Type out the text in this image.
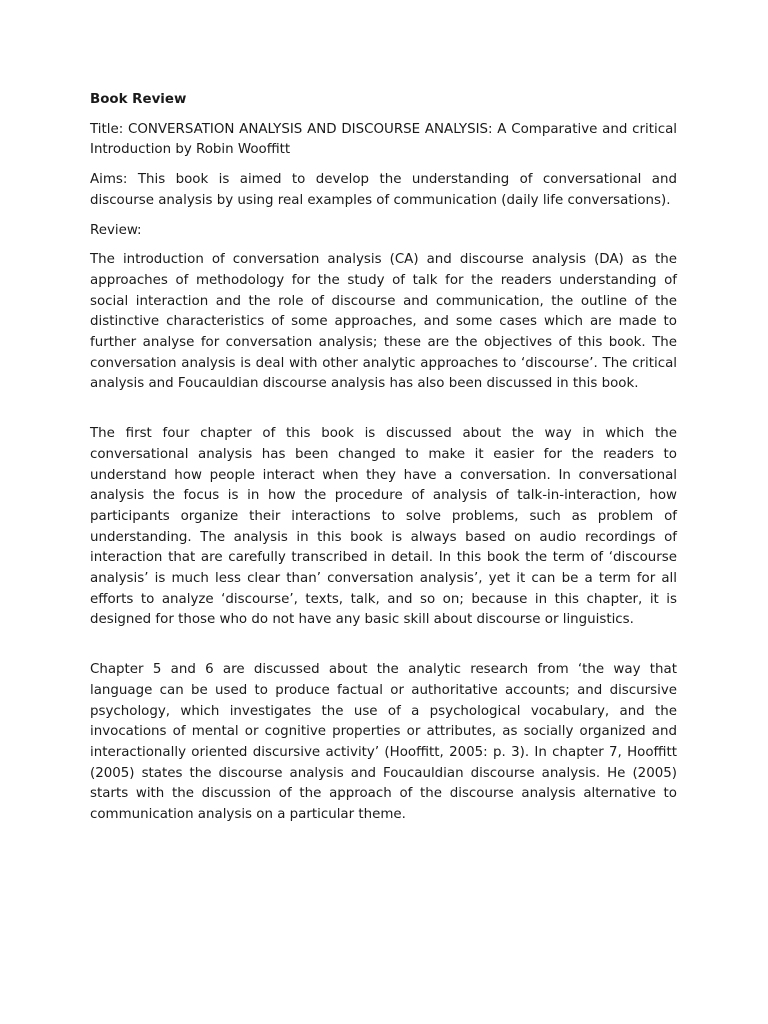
Book Review
Title: CONVERSATION ANALYSIS AND DISCOURSE ANALYSIS: A Comparative and critical Introduction by Robin Wooffitt
Aims: This book is aimed to develop the understanding of conversational and discourse analysis by using real examples of communication (daily life conversations).
Review:
The introduction of conversation analysis (CA) and discourse analysis (DA) as the approaches of methodology for the study of talk for the readers understanding of social interaction and the role of discourse and communication, the outline of the distinctive characteristics of some approaches, and some cases which are made to further analyse for conversation analysis; these are the objectives of this book. The conversation analysis is deal with other analytic approaches to ‘discourse’. The critical analysis and Foucauldian discourse analysis has also been discussed in this book.
The first four chapter of this book is discussed about the way in which the conversational analysis has been changed to make it easier for the readers to understand how people interact when they have a conversation. In conversational analysis the focus is in how the procedure of analysis of talk-in-interaction, how participants organize their interactions to solve problems, such as problem of understanding. The analysis in this book is always based on audio recordings of interaction that are carefully transcribed in detail. In this book the term of ‘discourse analysis’ is much less clear than’ conversation analysis’, yet it can be a term for all efforts to analyze ‘discourse’, texts, talk, and so on; because in this chapter, it is designed for those who do not have any basic skill about discourse or linguistics.
Chapter 5 and 6 are discussed about the analytic research from ‘the way that language can be used to produce factual or authoritative accounts; and discursive psychology, which investigates the use of a psychological vocabulary, and the invocations of mental or cognitive properties or attributes, as socially organized and interactionally oriented discursive activity’ (Hooffitt, 2005: p. 3). In chapter 7, Hooffitt (2005) states the discourse analysis and Foucauldian discourse analysis. He (2005) starts with the discussion of the approach of the discourse analysis alternative to communication analysis on a particular theme.
